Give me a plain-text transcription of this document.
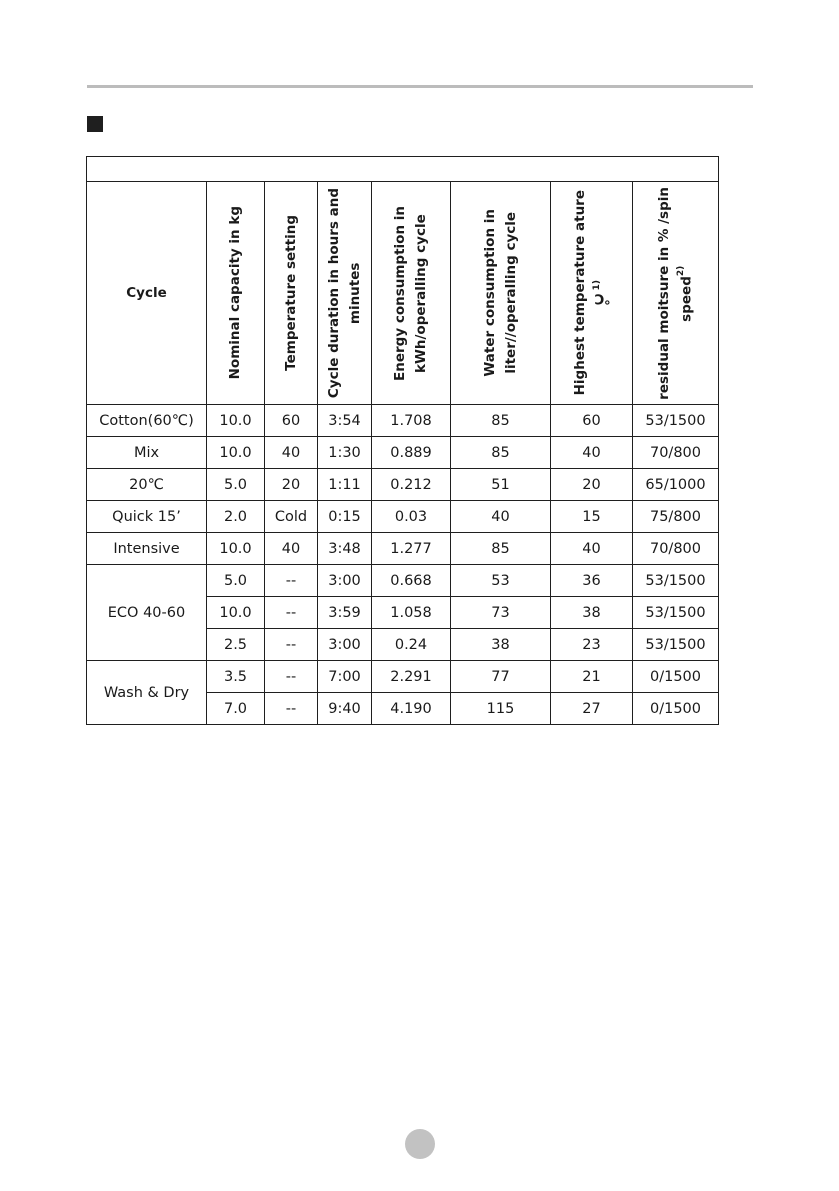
Cycle	Nominal capacity in kg	Temperature setting	Cycle duration in hours and minutes	Energy consumption in kWh/operalling cycle	Water consumption in liter//operalling cycle	Highest temperature ature ℃$^{1)}$	residual moitsure in % /spin speed$^{2)}$

Cotton(60℃)	10.0	60	3:54	1.708	85	60	53/1500
Mix	10.0	40	1:30	0.889	85	40	70/800
20℃	5.0	20	1:11	0.212	51	20	65/1000
Quick 15’	2.0	Cold	0:15	0.03	40	15	75/800
Intensive	10.0	40	3:48	1.277	85	40	70/800
ECO 40-60	5.0	--	3:00	0.668	53	36	53/1500
	10.0	--	3:59	1.058	73	38	53/1500
	2.5	--	3:00	0.24	38	23	53/1500
Wash & Dry	3.5	--	7:00	2.291	77	21	0/1500
	7.0	--	9:40	4.190	115	27	0/1500
